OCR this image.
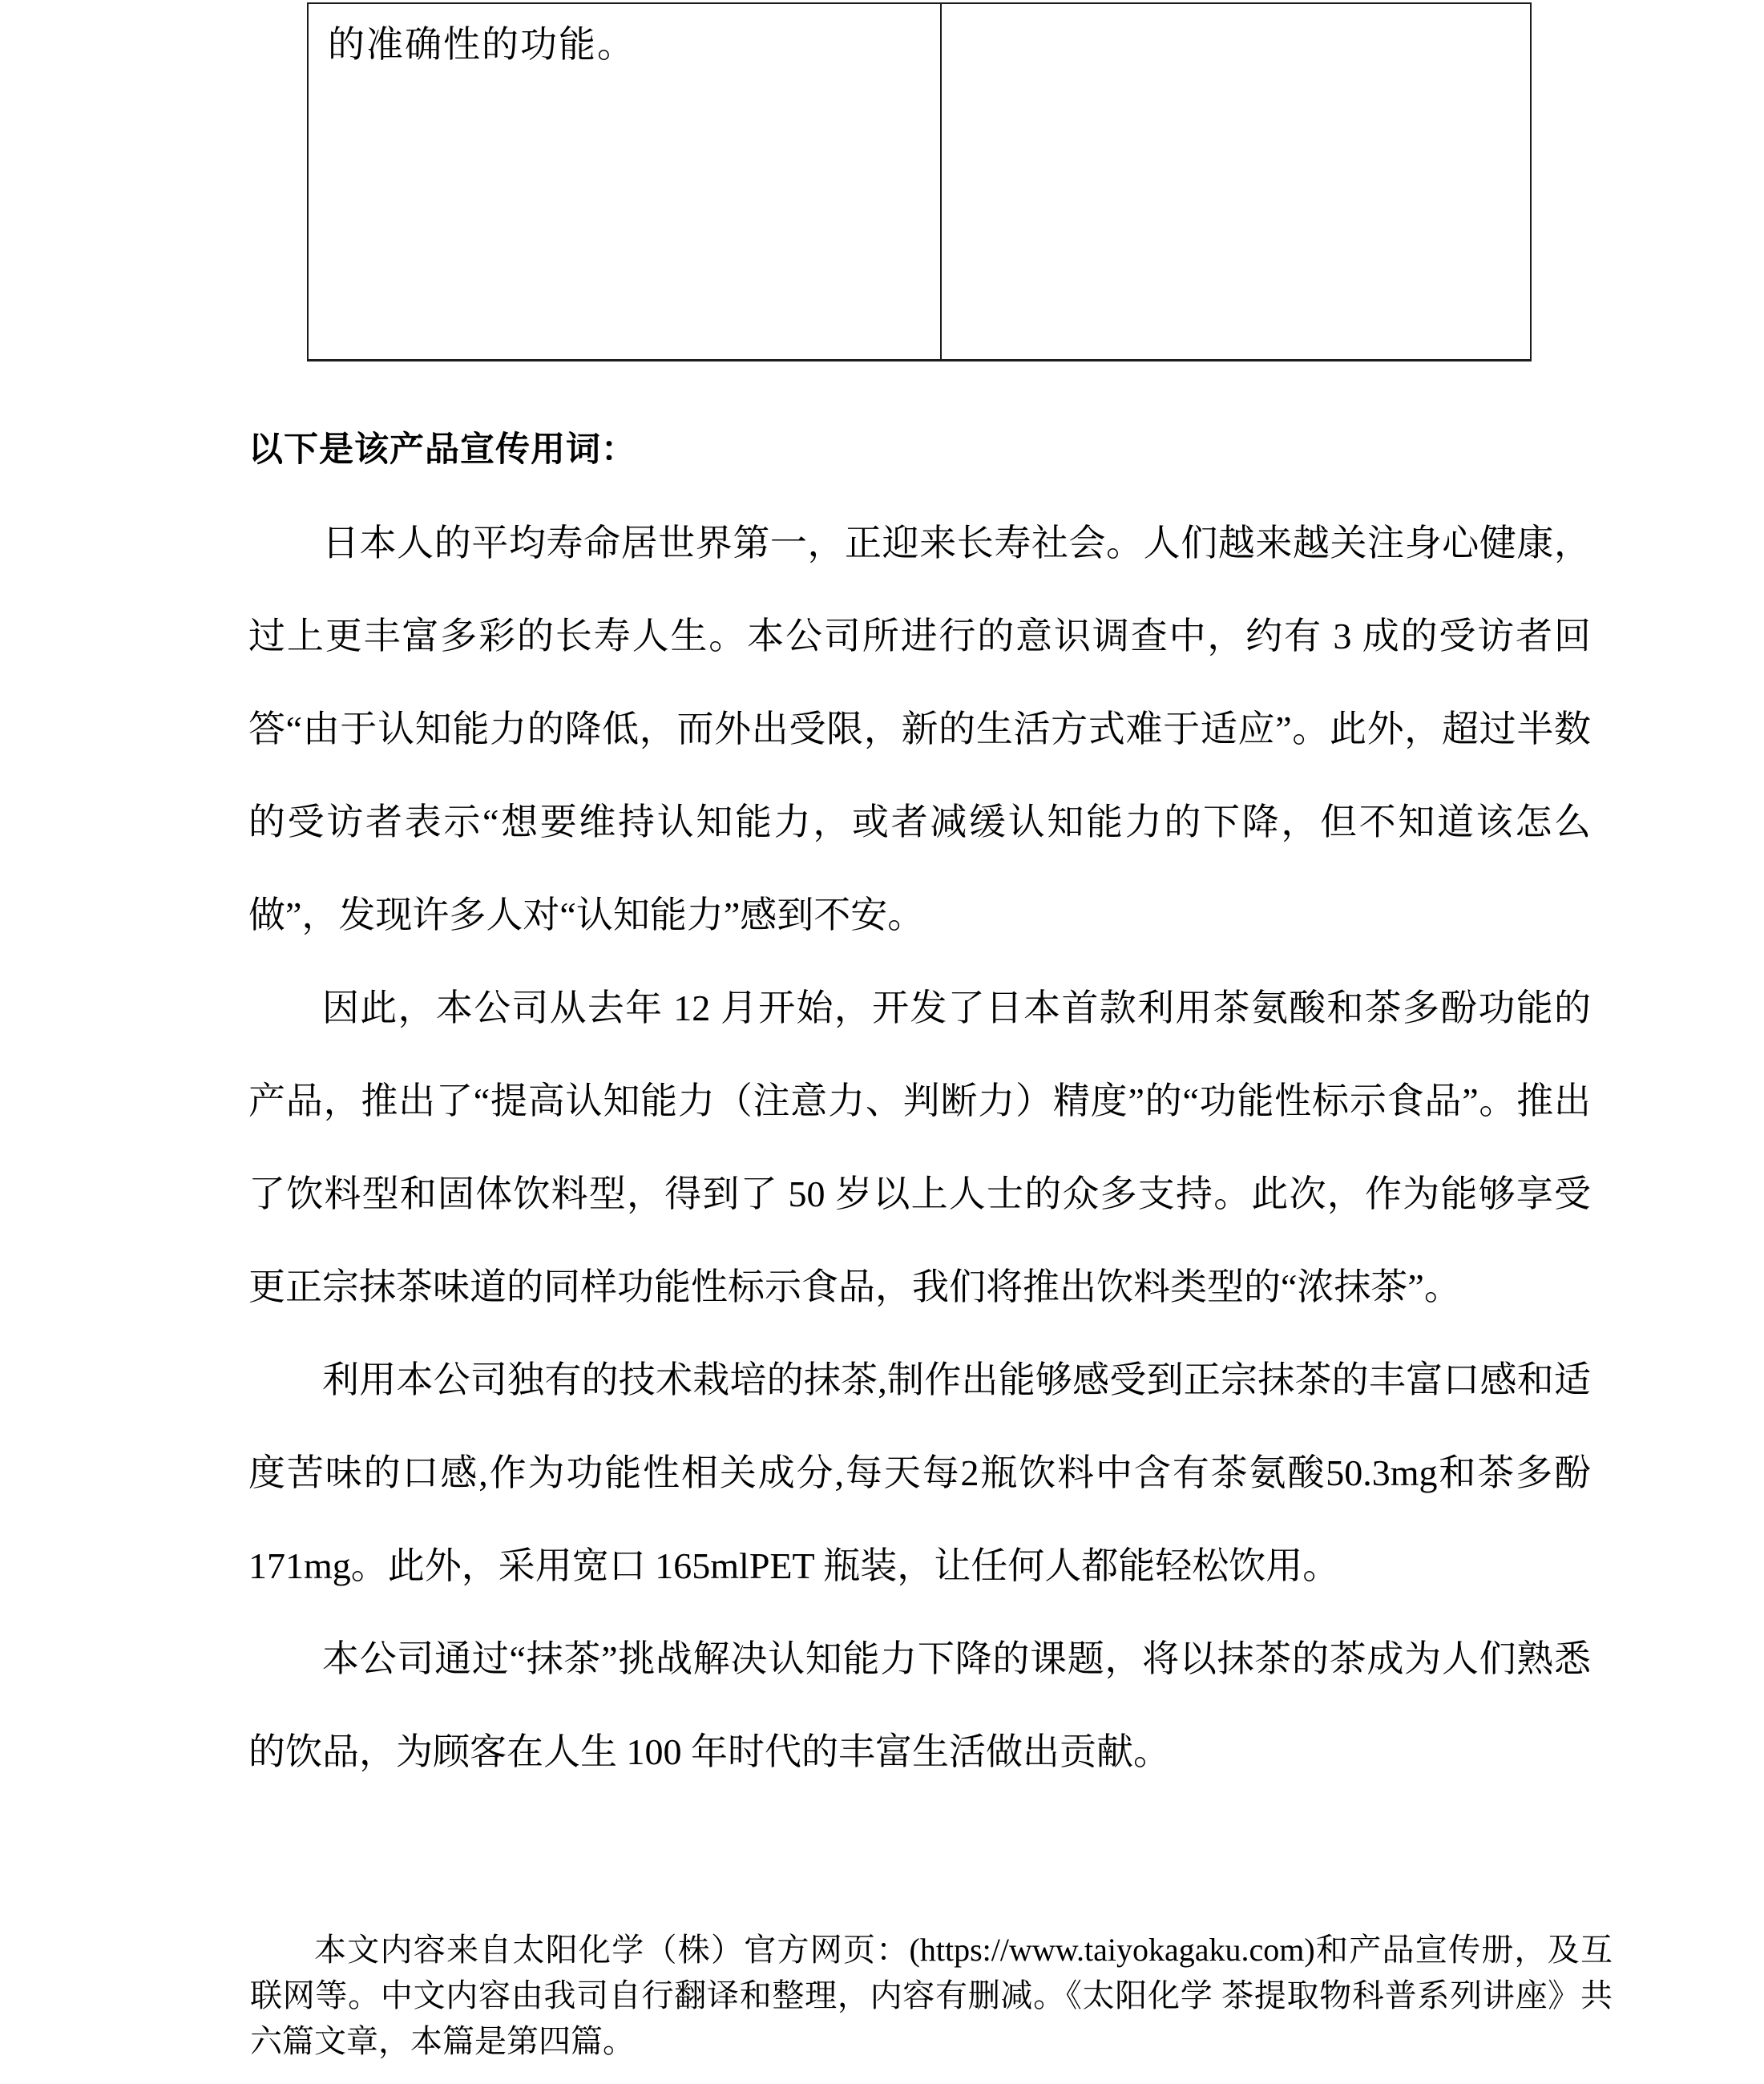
的准确性的功能。
以下是该产品宣传用词：

日本人的平均寿命居世界第一，正迎来长寿社会。人们越来越关注身心健康，过上更丰富多彩的长寿人生。本公司所进行的意识调查中，约有 3 成的受访者回答“由于认知能力的降低，而外出受限，新的生活方式难于适应”。此外，超过半数的受访者表示“想要维持认知能力，或者减缓认知能力的下降，但不知道该怎么做”，发现许多人对“认知能力”感到不安。

因此，本公司从去年 12 月开始，开发了日本首款利用茶氨酸和茶多酚功能的产品，推出了“提高认知能力（注意力、判断力）精度”的“功能性标示食品”。推出了饮料型和固体饮料型，得到了 50 岁以上人士的众多支持。此次，作为能够享受更正宗抹茶味道的同样功能性标示食品，我们将推出饮料类型的“浓抹茶”。

利用本公司独有的技术栽培的抹茶,制作出能够感受到正宗抹茶的丰富口感和适度苦味的口感,作为功能性相关成分,每天每2瓶饮料中含有茶氨酸50.3mg和茶多酚171mg。此外，采用宽口 165mlPET 瓶装，让任何人都能轻松饮用。

本公司通过“抹茶”挑战解决认知能力下降的课题，将以抹茶的茶成为人们熟悉的饮品，为顾客在人生 100 年时代的丰富生活做出贡献。

本文内容来自太阳化学（株）官方网页：(https://www.taiyokagaku.com)和产品宣传册，及互联网等。中文内容由我司自行翻译和整理，内容有删减。《太阳化学 茶提取物科普系列讲座》共六篇文章，本篇是第四篇。
